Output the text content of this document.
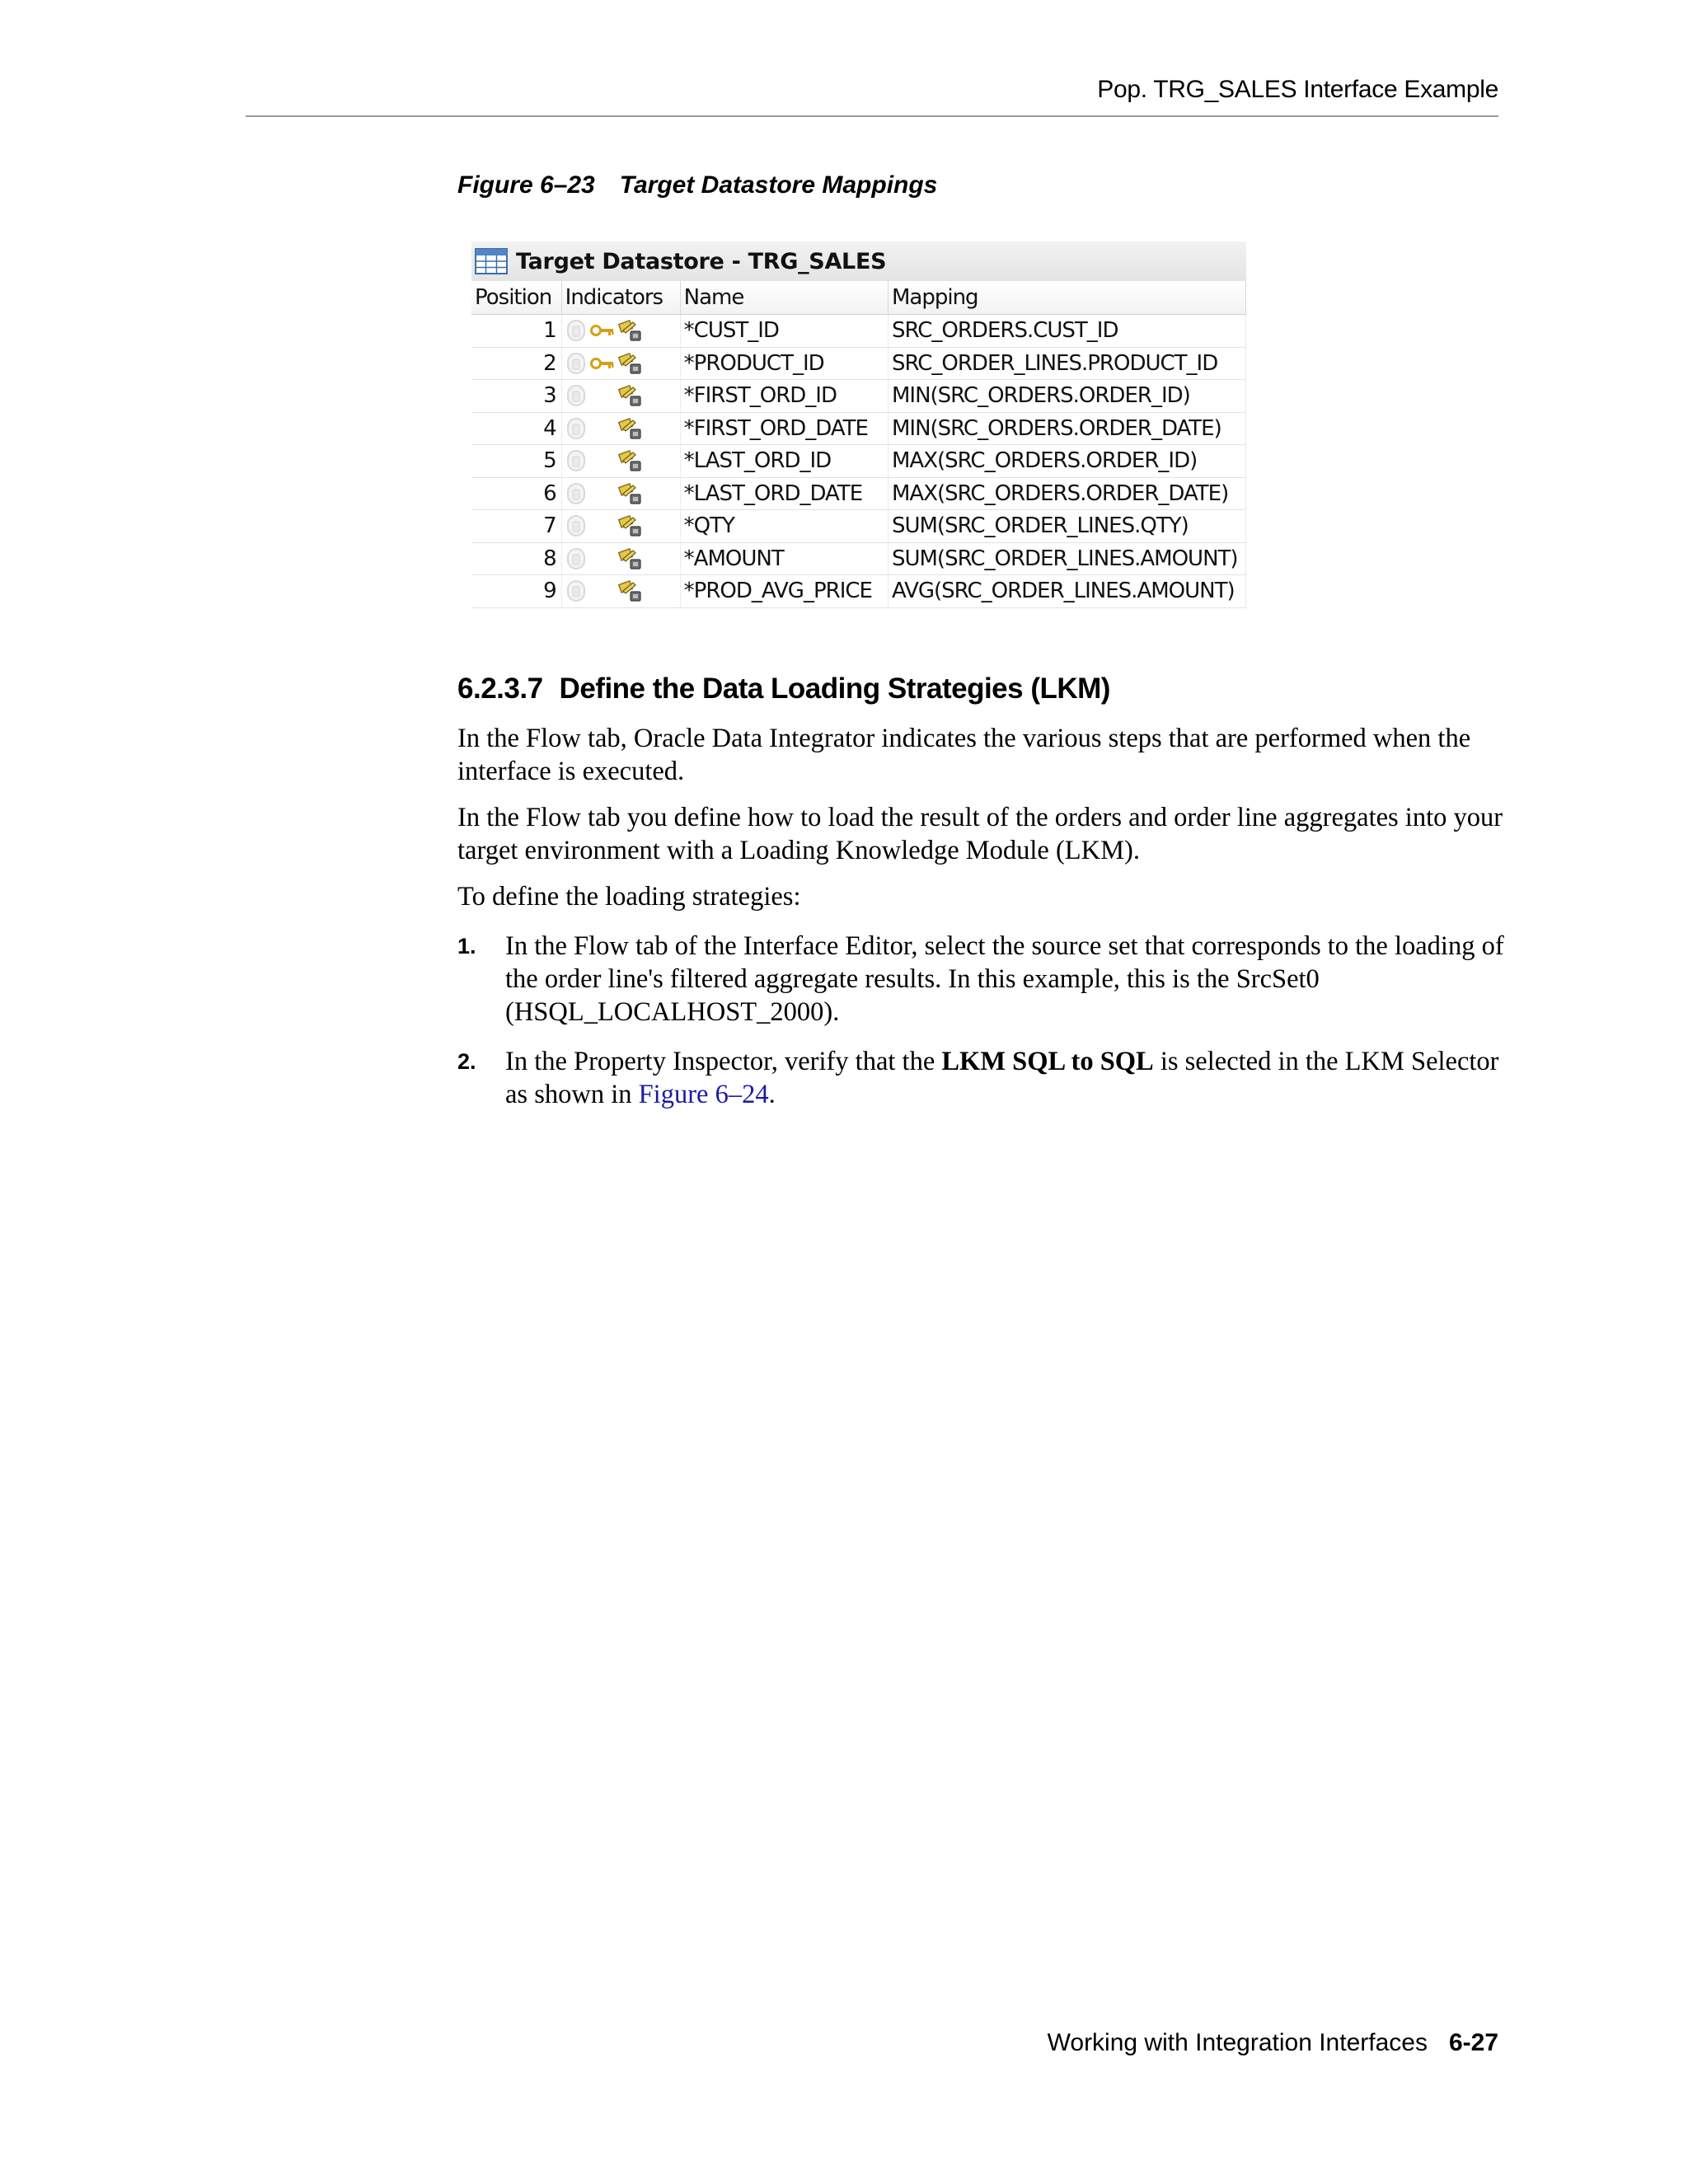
Pop. TRG_SALES Interface Example
Figure 6–23 Target Datastore Mappings
Target Datastore - TRG_SALES
Position	Indicators	Name	Mapping
1		*CUST_ID	SRC_ORDERS.CUST_ID
2		*PRODUCT_ID	SRC_ORDER_LINES.PRODUCT_ID
3		*FIRST_ORD_ID	MIN(SRC_ORDERS.ORDER_ID)
4		*FIRST_ORD_DATE	MIN(SRC_ORDERS.ORDER_DATE)
5		*LAST_ORD_ID	MAX(SRC_ORDERS.ORDER_ID)
6		*LAST_ORD_DATE	MAX(SRC_ORDERS.ORDER_DATE)
7		*QTY	SUM(SRC_ORDER_LINES.QTY)
8		*AMOUNT	SUM(SRC_ORDER_LINES.AMOUNT)
9		*PROD_AVG_PRICE	AVG(SRC_ORDER_LINES.AMOUNT)
6.2.3.7 Define the Data Loading Strategies (LKM)

In the Flow tab, Oracle Data Integrator indicates the various steps that are performed when the interface is executed.

In the Flow tab you define how to load the result of the orders and order line aggregates into your target environment with a Loading Knowledge Module (LKM).

To define the loading strategies:

1. In the Flow tab of the Interface Editor, select the source set that corresponds to the loading of the order line's filtered aggregate results. In this example, this is the SrcSet0 (HSQL_LOCALHOST_2000).
2. In the Property Inspector, verify that the LKM SQL to SQL is selected in the LKM Selector as shown in Figure 6–24.
Working with Integration Interfaces 6-27
